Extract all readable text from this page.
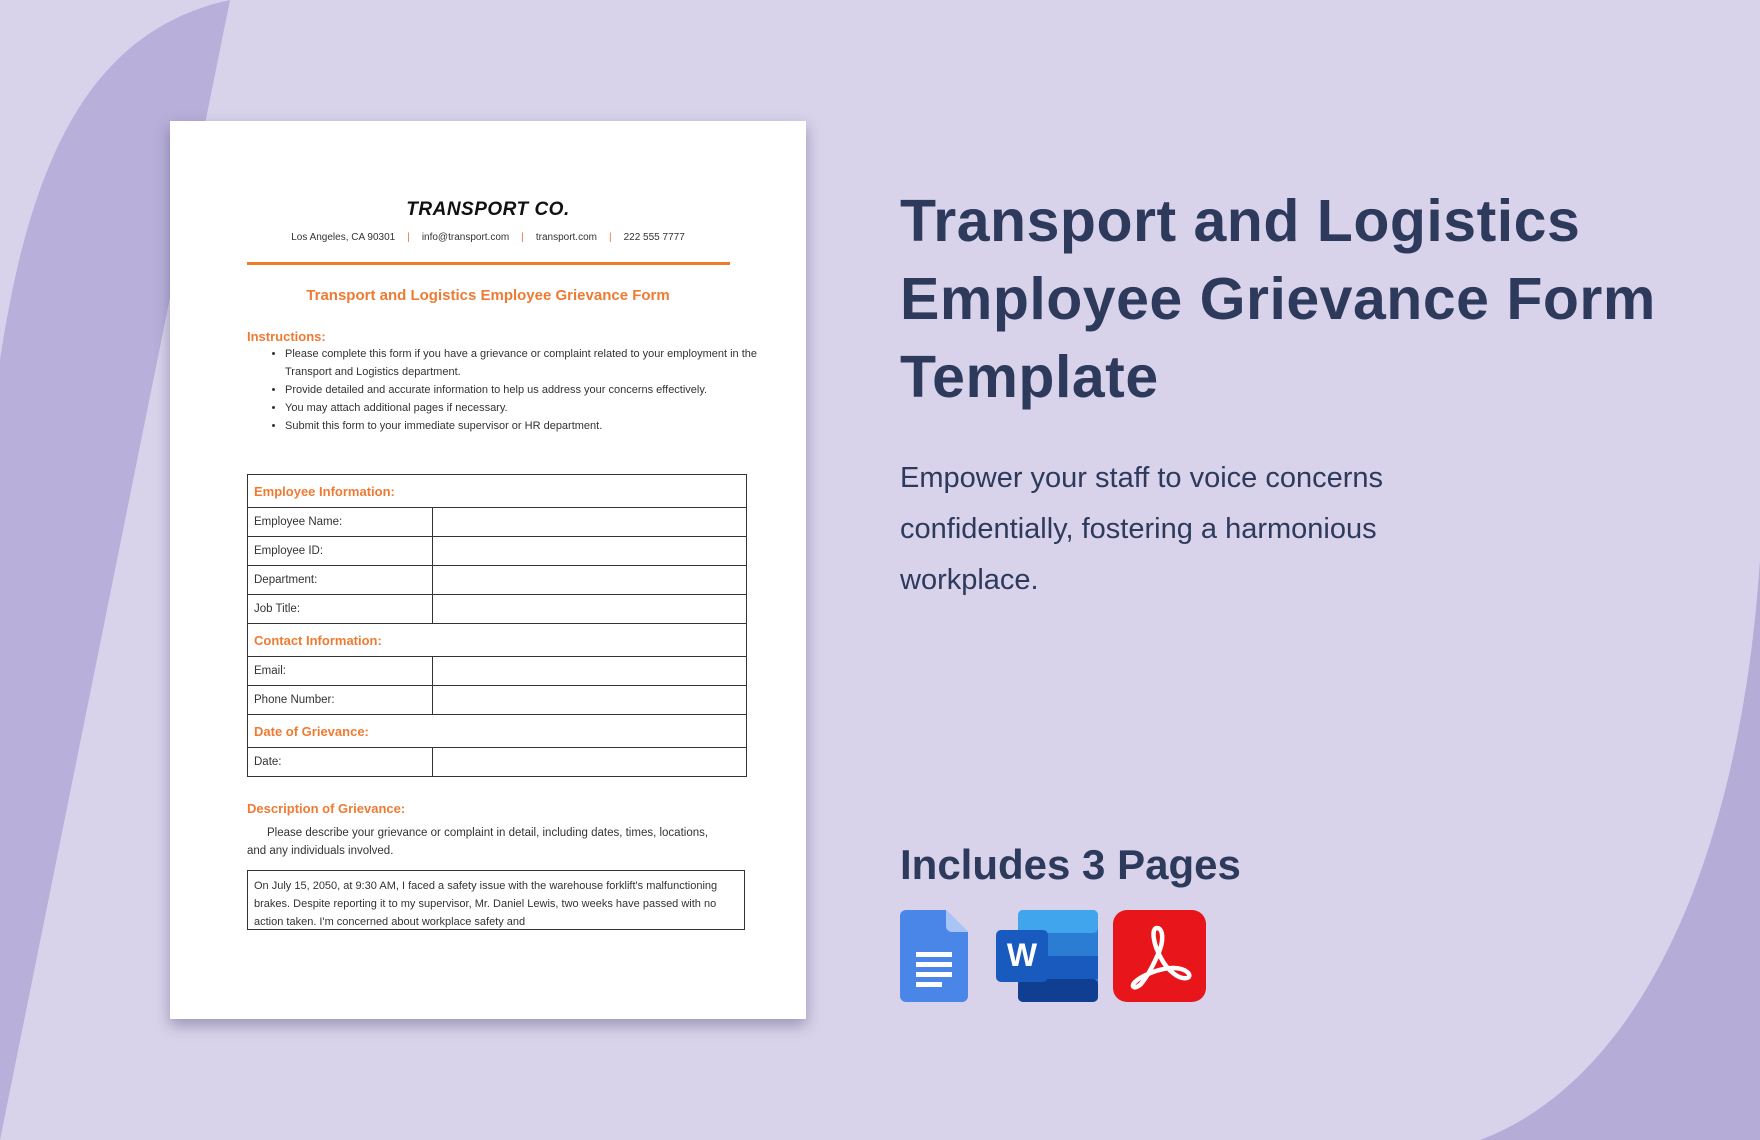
TRANSPORT CO.
Los Angeles, CA 90301 | info@transport.com | transport.com | 222 555 7777
Transport and Logistics Employee Grievance Form
Instructions:
• Please complete this form if you have a grievance or complaint related to your employment in the Transport and Logistics department.
• Provide detailed and accurate information to help us address your concerns effectively.
• You may attach additional pages if necessary.
• Submit this form to your immediate supervisor or HR department.
Employee Information:	
Employee Name:	
Employee ID:	
Department:	
Job Title:	
Contact Information:	
Email:	
Phone Number:	
Date of Grievance:	
Date:	
Description of Grievance:

Please describe your grievance or complaint in detail, including dates, times, locations, and any individuals involved.

On July 15, 2050, at 9:30 AM, I faced a safety issue with the warehouse forklift's malfunctioning brakes. Despite reporting it to my supervisor, Mr. Daniel Lewis, two weeks have passed with no action taken. I'm concerned about workplace safety and
Transport and Logistics Employee Grievance Form Template

Empower your staff to voice concerns confidentially, fostering a harmonious workplace.

Includes 3 Pages
W
